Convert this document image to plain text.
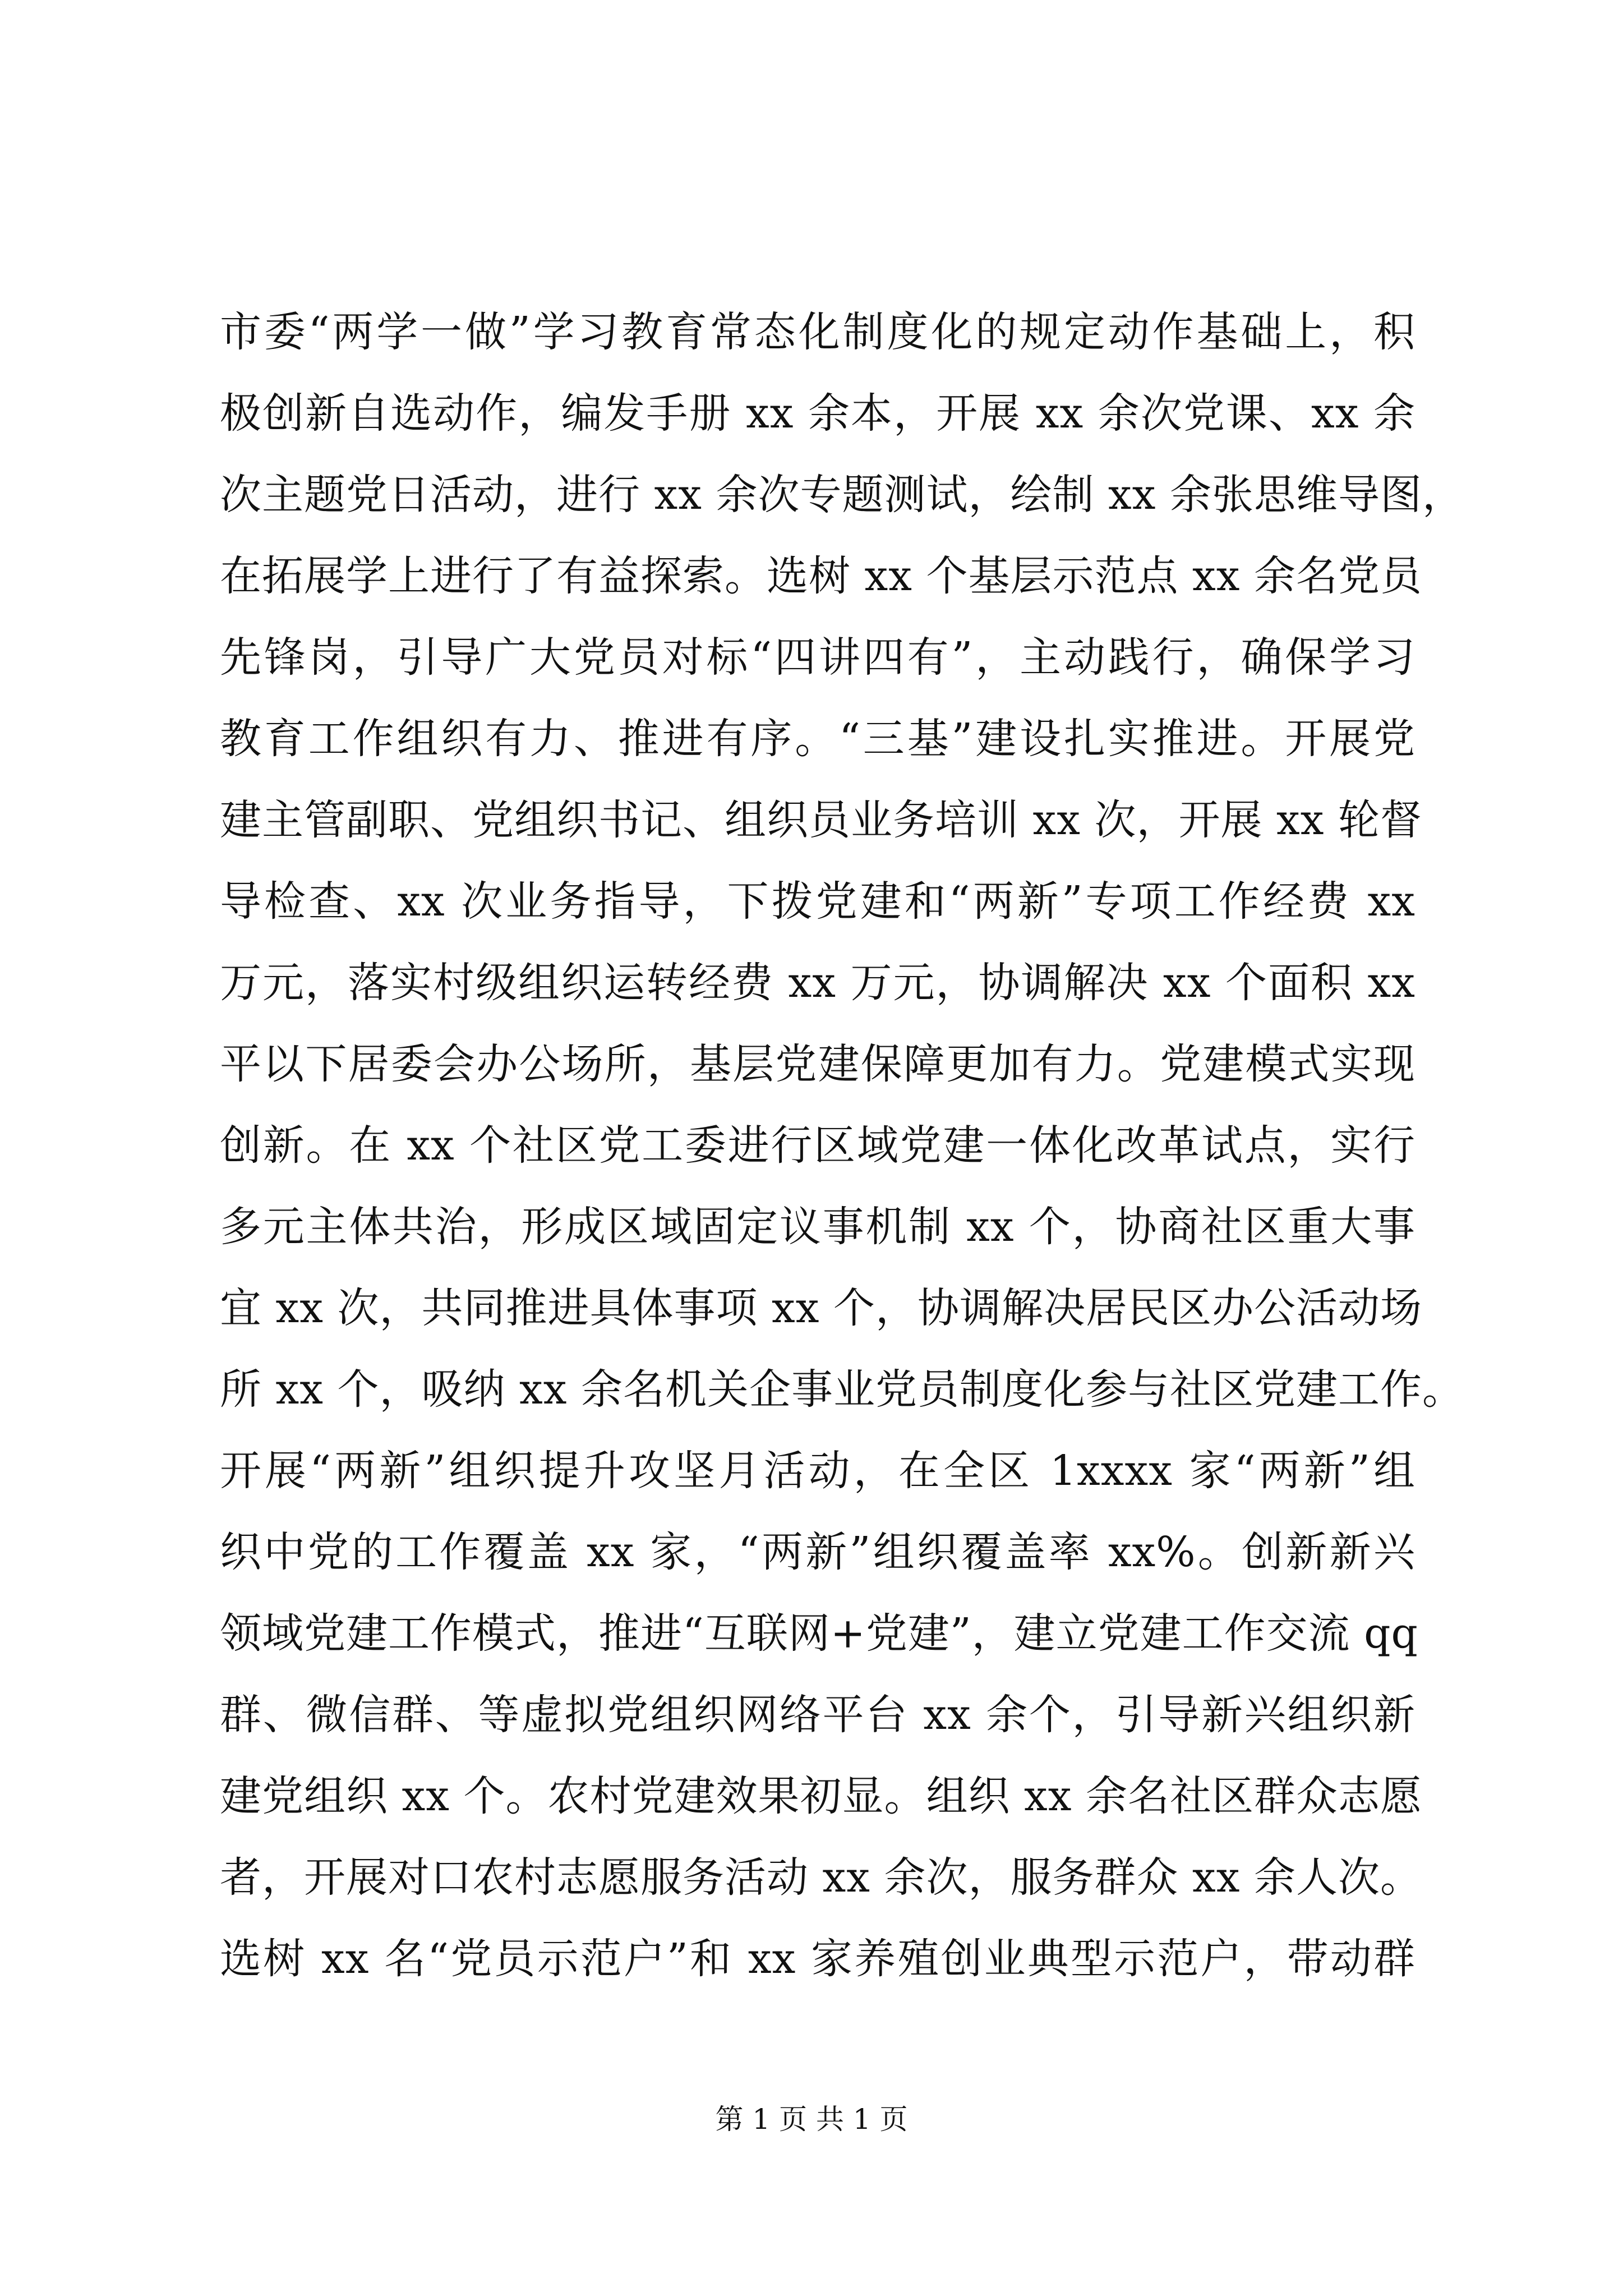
市委“两学一做”学习教育常态化制度化的规定动作基础上，积
极创新自选动作，编发手册 xx 余本，开展 xx 余次党课、xx 余
次主题党日活动，进行 xx 余次专题测试，绘制 xx 余张思维导图，
在拓展学上进行了有益探索。选树 xx 个基层示范点 xx 余名党员
先锋岗，引导广大党员对标“四讲四有”，主动践行，确保学习
教育工作组织有力、推进有序。“三基”建设扎实推进。开展党
建主管副职、党组织书记、组织员业务培训 xx 次，开展 xx 轮督
导检查、xx 次业务指导，下拨党建和“两新”专项工作经费 xx
万元，落实村级组织运转经费 xx 万元，协调解决 xx 个面积 xx
平以下居委会办公场所，基层党建保障更加有力。党建模式实现
创新。在 xx 个社区党工委进行区域党建一体化改革试点，实行
多元主体共治，形成区域固定议事机制 xx 个，协商社区重大事
宜 xx 次，共同推进具体事项 xx 个，协调解决居民区办公活动场
所 xx 个，吸纳 xx 余名机关企事业党员制度化参与社区党建工作。
开展“两新”组织提升攻坚月活动，在全区 1xxxx 家“两新”组
织中党的工作覆盖 xx 家，“两新”组织覆盖率 xx%。创新新兴
领域党建工作模式，推进“互联网+党建”，建立党建工作交流 qq
群、微信群、等虚拟党组织网络平台 xx 余个，引导新兴组织新
建党组织 xx 个。农村党建效果初显。组织 xx 余名社区群众志愿
者，开展对口农村志愿服务活动 xx 余次，服务群众 xx 余人次。
选树 xx 名“党员示范户”和 xx 家养殖创业典型示范户，带动群
第 1 页 共 1 页
